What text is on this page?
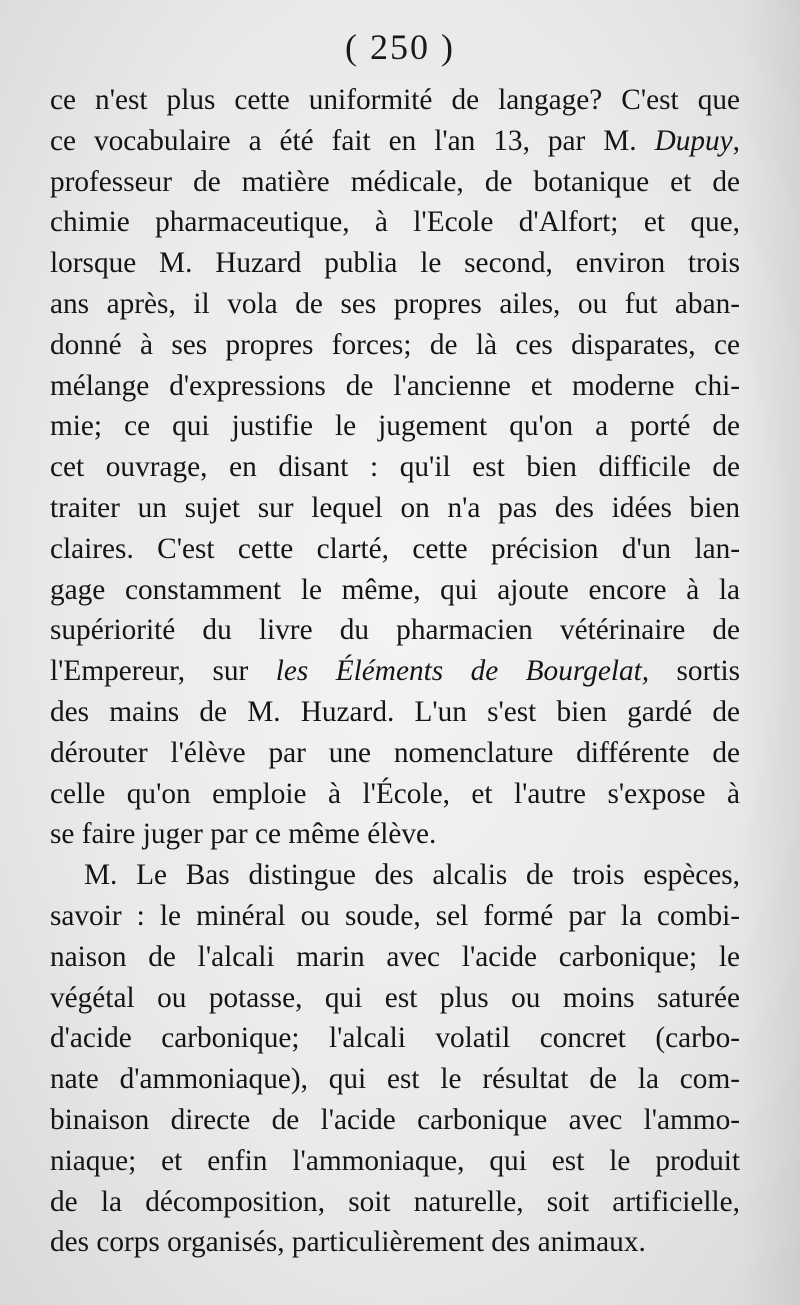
( 250 )
ce n'est plus cette uniformité de langage? C'est que
ce vocabulaire a été fait en l'an 13, par M. Dupuy,
professeur de matière médicale, de botanique et de
chimie pharmaceutique, à l'Ecole d'Alfort; et que,
lorsque M. Huzard publia le second, environ trois
ans après, il vola de ses propres ailes, ou fut aban-
donné à ses propres forces; de là ces disparates, ce
mélange d'expressions de l'ancienne et moderne chi-
mie; ce qui justifie le jugement qu'on a porté de
cet ouvrage, en disant : qu'il est bien difficile de
traiter un sujet sur lequel on n'a pas des idées bien
claires. C'est cette clarté, cette précision d'un lan-
gage constamment le même, qui ajoute encore à la
supériorité du livre du pharmacien vétérinaire de
l'Empereur, sur les Éléments de Bourgelat, sortis
des mains de M. Huzard. L'un s'est bien gardé de
dérouter l'élève par une nomenclature différente de
celle qu'on emploie à l'École, et l'autre s'expose à
se faire juger par ce même élève.
M. Le Bas distingue des alcalis de trois espèces,
savoir : le minéral ou soude, sel formé par la combi-
naison de l'alcali marin avec l'acide carbonique; le
végétal ou potasse, qui est plus ou moins saturée
d'acide carbonique; l'alcali volatil concret (carbo-
nate d'ammoniaque), qui est le résultat de la com-
binaison directe de l'acide carbonique avec l'ammo-
niaque; et enfin l'ammoniaque, qui est le produit
de la décomposition, soit naturelle, soit artificielle,
des corps organisés, particulièrement des animaux.
